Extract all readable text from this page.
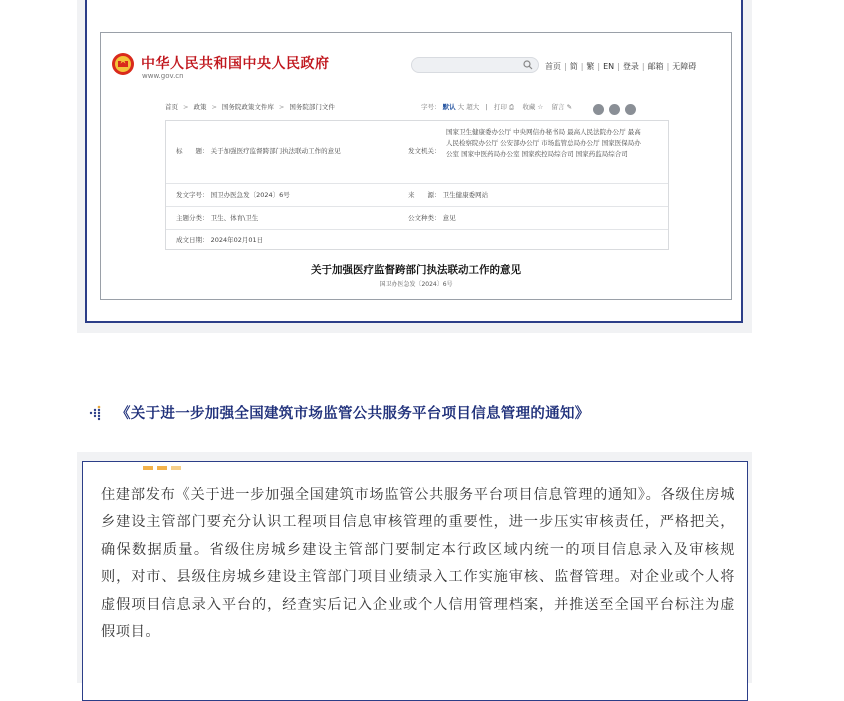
中华人民共和国中央人民政府
www.gov.cn
首页 | 简 | 繁 | EN | 登录 | 邮箱 | 无障碍
首页 > 政策 > 国务院政策文件库 > 国务院部门文件	字号： 默认 大 超大   |   打印 ⎙    收藏 ☆    留言 ✎
标　　题： 关于加强医疗监督跨部门执法联动工作的意见	发文机关：
国家卫生健康委办公厅 中央网信办秘书局 最高人民法院办公厅 最高人民检察院办公厅 公安部办公厅 市场监管总局办公厅 国家医保局办公室 国家中医药局办公室 国家疾控局综合司 国家药监局综合司
发文字号： 国卫办医急发〔2024〕6号	来　　源： 卫生健康委网站
主题分类： 卫生、体育\卫生	公文种类： 意见
成文日期： 2024年02月01日
关于加强医疗监督跨部门执法联动工作的意见
国卫办医急发〔2024〕6号
《关于进一步加强全国建筑市场监管公共服务平台项目信息管理的通知》
住建部发布《关于进一步加强全国建筑市场监管公共服务平台项目信息管理的通知》。各级住房城乡建设主管部门要充分认识工程项目信息审核管理的重要性，进一步压实审核责任，严格把关，确保数据质量。省级住房城乡建设主管部门要制定本行政区域内统一的项目信息录入及审核规则，对市、县级住房城乡建设主管部门项目业绩录入工作实施审核、监督管理。对企业或个人将虚假项目信息录入平台的，经查实后记入企业或个人信用管理档案，并推送至全国平台标注为虚假项目。
